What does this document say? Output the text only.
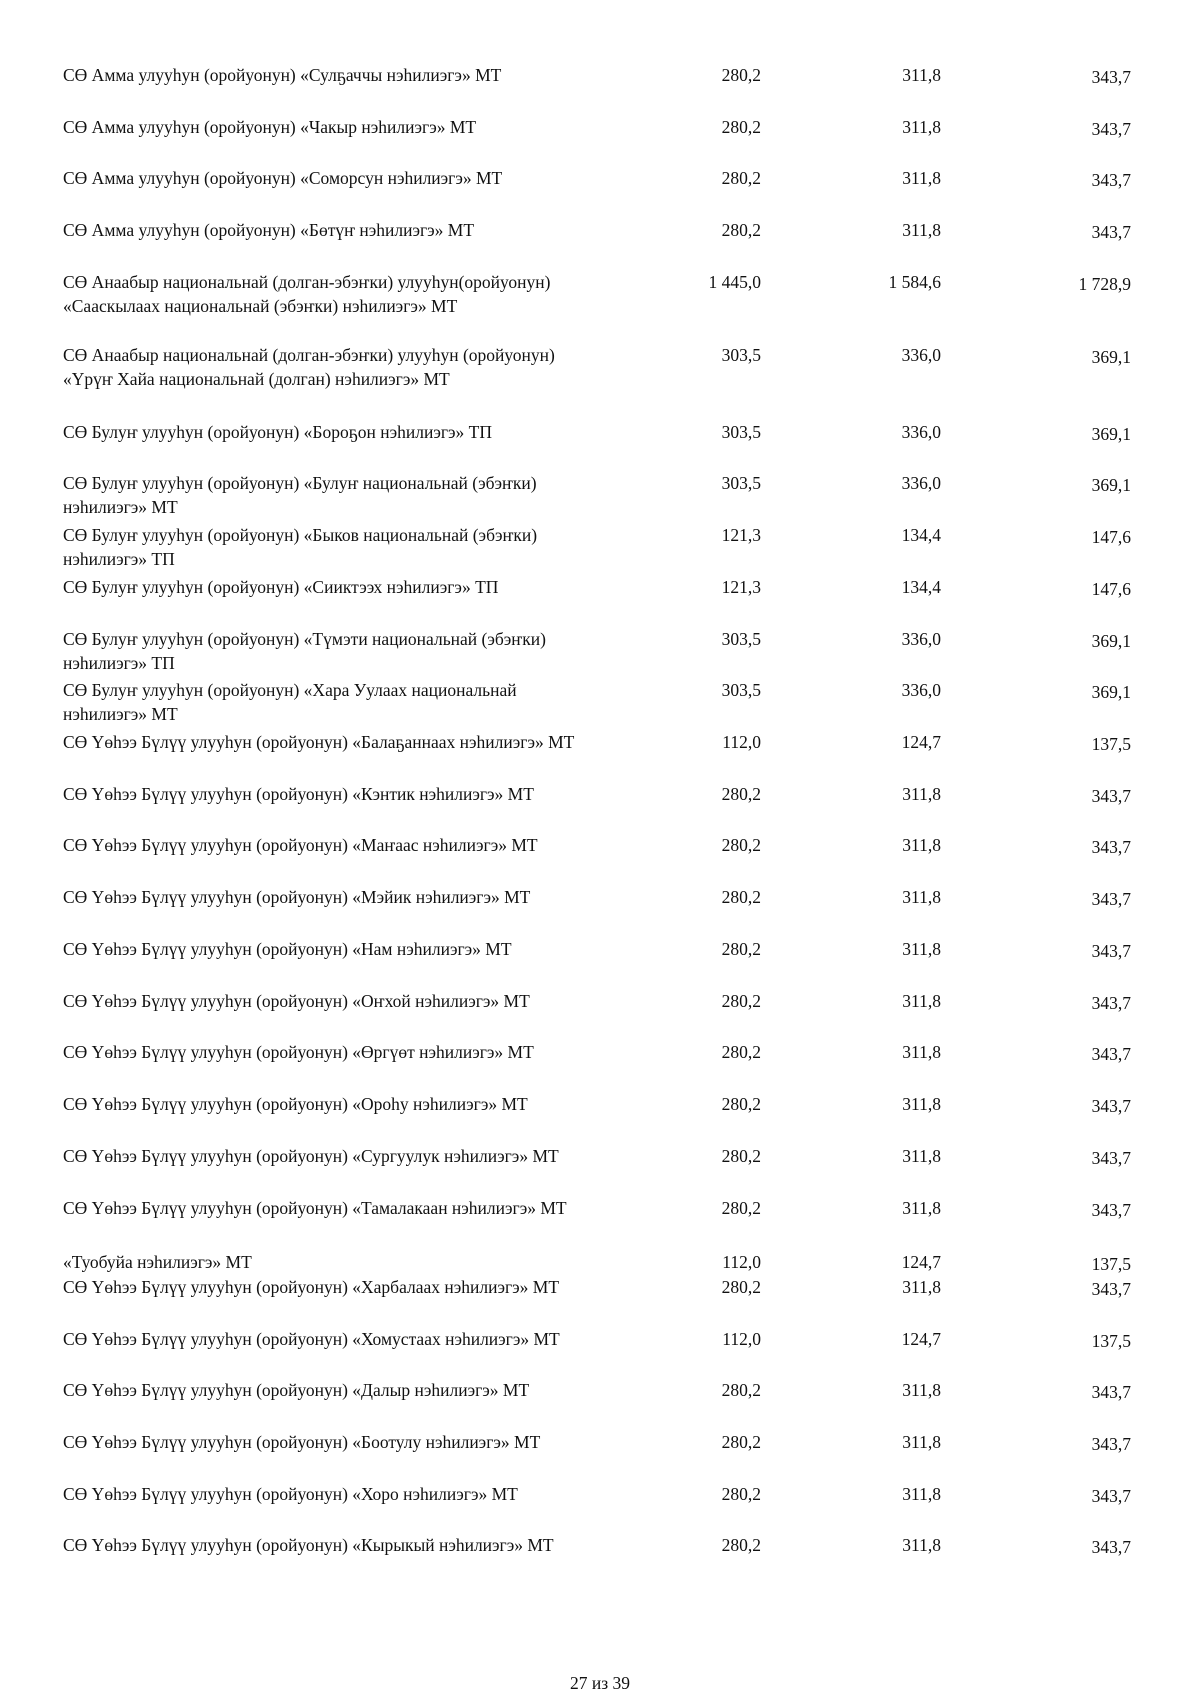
СӨ Амма улууһун (оройуонун) «Сулҕаччы нэһилиэгэ» МТ	280,2	311,8	343,7
СӨ Амма улууһун (оройуонун) «Чакыр нэһилиэгэ» МТ	280,2	311,8	343,7
СӨ Амма улууһун (оройуонун) «Соморсун нэһилиэгэ» МТ	280,2	311,8	343,7
СӨ Амма улууһун (оройуонун) «Бөтүҥ нэһилиэгэ» МТ	280,2	311,8	343,7
СӨ Анаабыр национальнай (долган-эбэҥки) улууһун(оройуонун) «Сааскылаах национальнай (эбэҥки) нэһилиэгэ» МТ
1 445,0	1 584,6	1 728,9
СӨ Анаабыр национальнай (долган-эбэҥки) улууһун (оройуонун) «Үрүҥ Хайа национальнай (долган) нэһилиэгэ» МТ
303,5	336,0	369,1
СӨ Булуҥ улууһун (оройуонун) «Бороҕон нэһилиэгэ» ТП	303,5	336,0	369,1
СӨ Булуҥ улууһун (оройуонун) «Булуҥ национальнай (эбэҥки) нэһилиэгэ» МТ
303,5	336,0	369,1
СӨ Булуҥ улууһун (оройуонун) «Быков национальнай (эбэҥки) нэһилиэгэ» ТП
121,3	134,4	147,6
СӨ Булуҥ улууһун (оройуонун) «Сииктээх нэһилиэгэ» ТП	121,3	134,4	147,6
СӨ Булуҥ улууһун (оройуонун) «Түмэти национальнай (эбэҥки) нэһилиэгэ» ТП
303,5	336,0	369,1
СӨ Булуҥ улууһун (оройуонун) «Хара Уулаах национальнай нэһилиэгэ» МТ
303,5	336,0	369,1
СӨ Үөһээ Бүлүү улууһун (оройуонун) «Балаҕаннаах нэһилиэгэ» МТ	112,0	124,7	137,5
СӨ Үөһээ Бүлүү улууһун (оройуонун) «Кэнтик нэһилиэгэ» МТ	280,2	311,8	343,7
СӨ Үөһээ Бүлүү улууһун (оройуонун) «Маҥаас нэһилиэгэ» МТ	280,2	311,8	343,7
СӨ Үөһээ Бүлүү улууһун (оройуонун) «Мэйик нэһилиэгэ» МТ	280,2	311,8	343,7
СӨ Үөһээ Бүлүү улууһун (оройуонун) «Нам нэһилиэгэ» МТ	280,2	311,8	343,7
СӨ Үөһээ Бүлүү улууһун (оройуонун) «Оҥхой нэһилиэгэ» МТ	280,2	311,8	343,7
СӨ Үөһээ Бүлүү улууһун (оройуонун) «Өргүөт нэһилиэгэ» МТ	280,2	311,8	343,7
СӨ Үөһээ Бүлүү улууһун (оройуонун) «Ороһу нэһилиэгэ» МТ	280,2	311,8	343,7
СӨ Үөһээ Бүлүү улууһун (оройуонун) «Сургуулук нэһилиэгэ» МТ	280,2	311,8	343,7
СӨ Үөһээ Бүлүү улууһун (оройуонун) «Тамалакаан нэһилиэгэ» МТ	280,2	311,8	343,7
«Туобуйа нэһилиэгэ» МТ	112,0	124,7	137,5
СӨ Үөһээ Бүлүү улууһун (оройуонун) «Харбалаах нэһилиэгэ» МТ	280,2	311,8	343,7
СӨ Үөһээ Бүлүү улууһун (оройуонун) «Хомустаах нэһилиэгэ» МТ	112,0	124,7	137,5
СӨ Үөһээ Бүлүү улууһун (оройуонун) «Далыр нэһилиэгэ» МТ	280,2	311,8	343,7
СӨ Үөһээ Бүлүү улууһун (оройуонун) «Боотулу нэһилиэгэ» МТ	280,2	311,8	343,7
СӨ Үөһээ Бүлүү улууһун (оройуонун) «Хоро нэһилиэгэ» МТ	280,2	311,8	343,7
СӨ Үөһээ Бүлүү улууһун (оройуонун) «Кырыкый нэһилиэгэ» МТ	280,2	311,8	343,7
27 из 39
